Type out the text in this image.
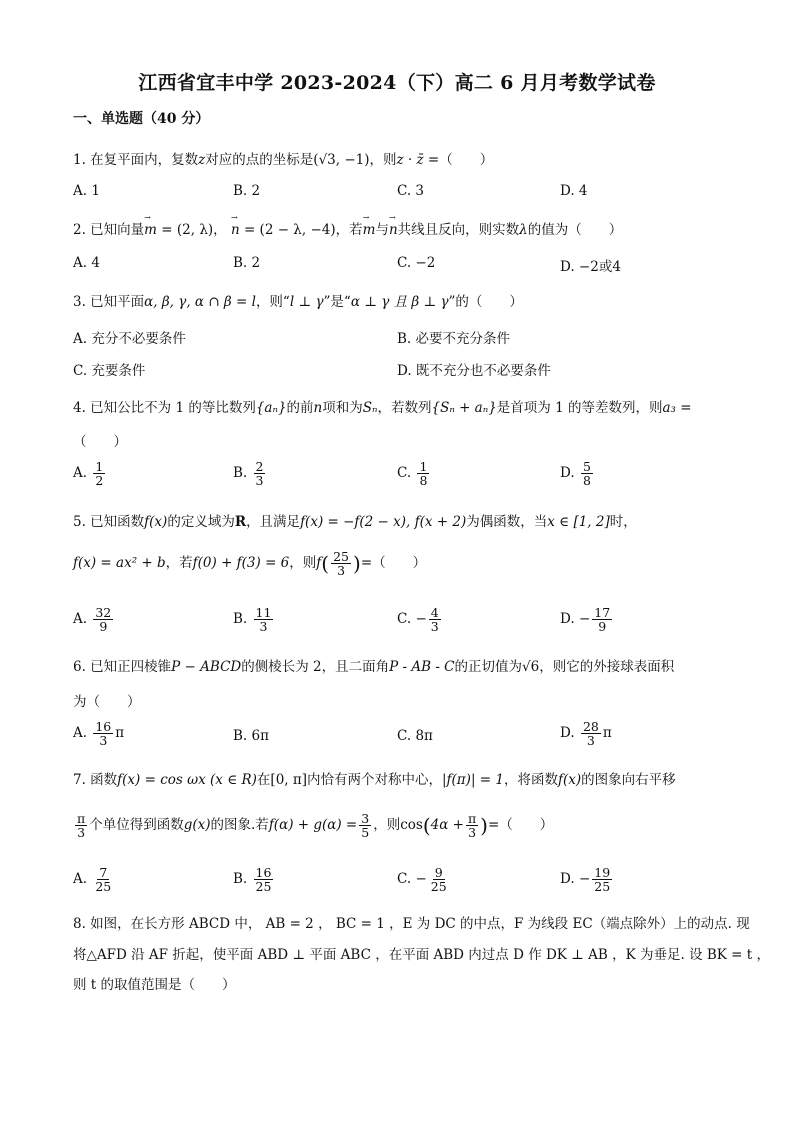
江西省宜丰中学 2023-2024（下）高二 6 月月考数学试卷
一、单选题（40 分）
1. 在复平面内，复数z对应的点的坐标是(√3, −1)，则z · z̄ =（　　）
A. 1	B. 2	C. 3	D. 4
2. 已知向量→ m = (2, λ)， → n = (2 − λ, −4)，若→ m与→ n共线且反向，则实数λ的值为（　　）
A. 4	B. 2	C. −2	D. −2或4
3. 已知平面α, β, γ, α ∩ β = l，则“l ⊥ γ”是“α ⊥ γ 且 β ⊥ γ”的（　　）
A. 充分不必要条件	B. 必要不充分条件
C. 充要条件	D. 既不充分也不必要条件
4. 已知公比不为 1 的等比数列{aₙ}的前n项和为Sₙ，若数列{Sₙ + aₙ}是首项为 1 的等差数列，则a₃ =
（　　）
A. $\frac{1}{2}$	B. $\frac{2}{3}$	C. $\frac{1}{8}$	D. $\frac{5}{8}$
5. 已知函数f(x)的定义域为R，且满足f(x) = −f(2 − x), f(x + 2)为偶函数，当x ∈ [1, 2]时，
f(x) = ax² + b，若f(0) + f(3) = 6，则$f( \frac{25}{3}$ )=（　　）
A. $\frac{32}{9}$	B. $\frac{11}{3}$	C. − $\frac{4}{3}$	D. − $\frac{17}{9}$
6. 已知正四棱锥P − ABCD的侧棱长为 2，且二面角P - AB - C的正切值为√6，则它的外接球表面积
为（　　）
A. $\frac{16}{3}$ π	B. 6π	C. 8π	D. $\frac{28}{3}$ π
7. 函数f(x) = cos ωx (x ∈ R)在[0, π]内恰有两个对称中心，|f(π)| = 1，将函数f(x)的图象向右平移
$\frac{\pi}{3}$ 个单位得到函数g(x)的图象.若$f(\alpha) + g(\alpha) = \frac{3}{5}$ ，则$\cos(4\alpha + \frac{\pi}{3}$ )=（　　）
A. $\frac{7}{25}$	B. $\frac{16}{25}$	C. − $\frac{9}{25}$	D. − $\frac{19}{25}$
8. 如图，在长方形 ABCD 中， AB = 2 ， BC = 1 ，E 为 DC 的中点，F 为线段 EC（端点除外）上的动点. 现
将△AFD 沿 AF 折起，使平面 ABD ⊥ 平面 ABC ，在平面 ABD 内过点 D 作 DK ⊥ AB ，K 为垂足. 设 BK = t ，
则 t 的取值范围是（　　）
